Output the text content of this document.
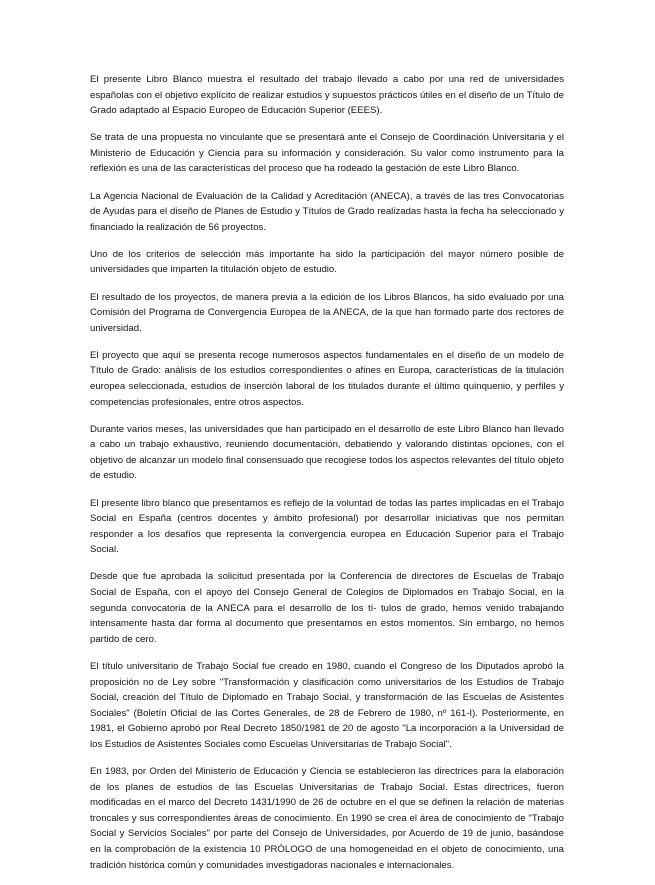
El presente Libro Blanco muestra el resultado del trabajo llevado a cabo por una red de universidades españolas con el objetivo explícito de realizar estudios y supuestos prácticos útiles en el diseño de un Título de Grado adaptado al Espacio Europeo de Educación Superior (EEES).

Se trata de una propuesta no vinculante que se presentará ante el Consejo de Coordinación Universitaria y el Ministerio de Educación y Ciencia para su información y consideración. Su valor como instrumento para la reflexión es una de las características del proceso que ha rodeado la gestación de este Libro Blanco.

La Agencia Nacional de Evaluación de la Calidad y Acreditación (ANECA), a través de las tres Convocatorias de Ayudas para el diseño de Planes de Estudio y Títulos de Grado realizadas hasta la fecha ha seleccionado y financiado la realización de 56 proyectos.

Uno de los criterios de selección más importante ha sido la participación del mayor número posible de universidades que imparten la titulación objeto de estudio.

El resultado de los proyectos, de manera previa a la edición de los Libros Blancos, ha sido evaluado por una Comisión del Programa de Convergencia Europea de la ANECA, de la que han formado parte dos rectores de universidad.

El proyecto que aquí se presenta recoge numerosos aspectos fundamentales en el diseño de un modelo de Título de Grado: análisis de los estudios correspondientes o afines en Europa, características de la titulación europea seleccionada, estudios de inserción laboral de los titulados durante el último quinquenio, y perfiles y competencias profesionales, entre otros aspectos.

Durante varios meses, las universidades que han participado en el desarrollo de este Libro Blanco han llevado a cabo un trabajo exhaustivo, reuniendo documentación, debatiendo y valorando distintas opciones, con el objetivo de alcanzar un modelo final consensuado que recogiese todos los aspectos relevantes del título objeto de estudio.

El presente libro blanco que presentamos es reflejo de la voluntad de todas las partes implicadas en el Trabajo Social en España (centros docentes y ámbito profesional) por desarrollar iniciativas que nos permitan responder a los desafíos que representa la convergencia europea en Educación Superior para el Trabajo Social.

Desde que fue aprobada la solicitud presentada por la Conferencia de directores de Escuelas de Trabajo Social de España, con el apoyo del Consejo General de Colegios de Diplomados en Trabajo Social, en la segunda convocatoria de la ANECA para el desarrollo de los tí- tulos de grado, hemos venido trabajando intensamente hasta dar forma al documento que presentamos en estos momentos. Sin embargo, no hemos partido de cero.

El título universitario de Trabajo Social fue creado en 1980, cuando el Congreso de los Diputados aprobó la proposición no de Ley sobre "Transformación y clasificación como universitarios de los Estudios de Trabajo Social, creación del Título de Diplomado en Trabajo Social, y transformación de las Escuelas de Asistentes Sociales" (Boletín Oficial de las Cortes Generales, de 28 de Febrero de 1980, nº 161-I). Posteriormente, en 1981, el Gobierno aprobó por Real Decreto 1850/1981 de 20 de agosto "La incorporación a la Universidad de los Estudios de Asistentes Sociales como Escuelas Universitarias de Trabajo Social".

En 1983, por Orden del Ministerio de Educación y Ciencia se establecieron las directrices para la elaboración de los planes de estudios de las Escuelas Universitarias de Trabajo Social. Estas directrices, fueron modificadas en el marco del Decreto 1431/1990 de 26 de octubre en el que se definen la relación de materias troncales y sus correspondientes áreas de conocimiento. En 1990 se crea el área de conocimiento de "Trabajo Social y Servicios Sociales" por parte del Consejo de Universidades, por Acuerdo de 19 de junio, basándose en la comprobación de la existencia 10 PRÓLOGO de una homogeneidad en el objeto de conocimiento, una tradición histórica común y comunidades investigadoras nacionales e internacionales.
